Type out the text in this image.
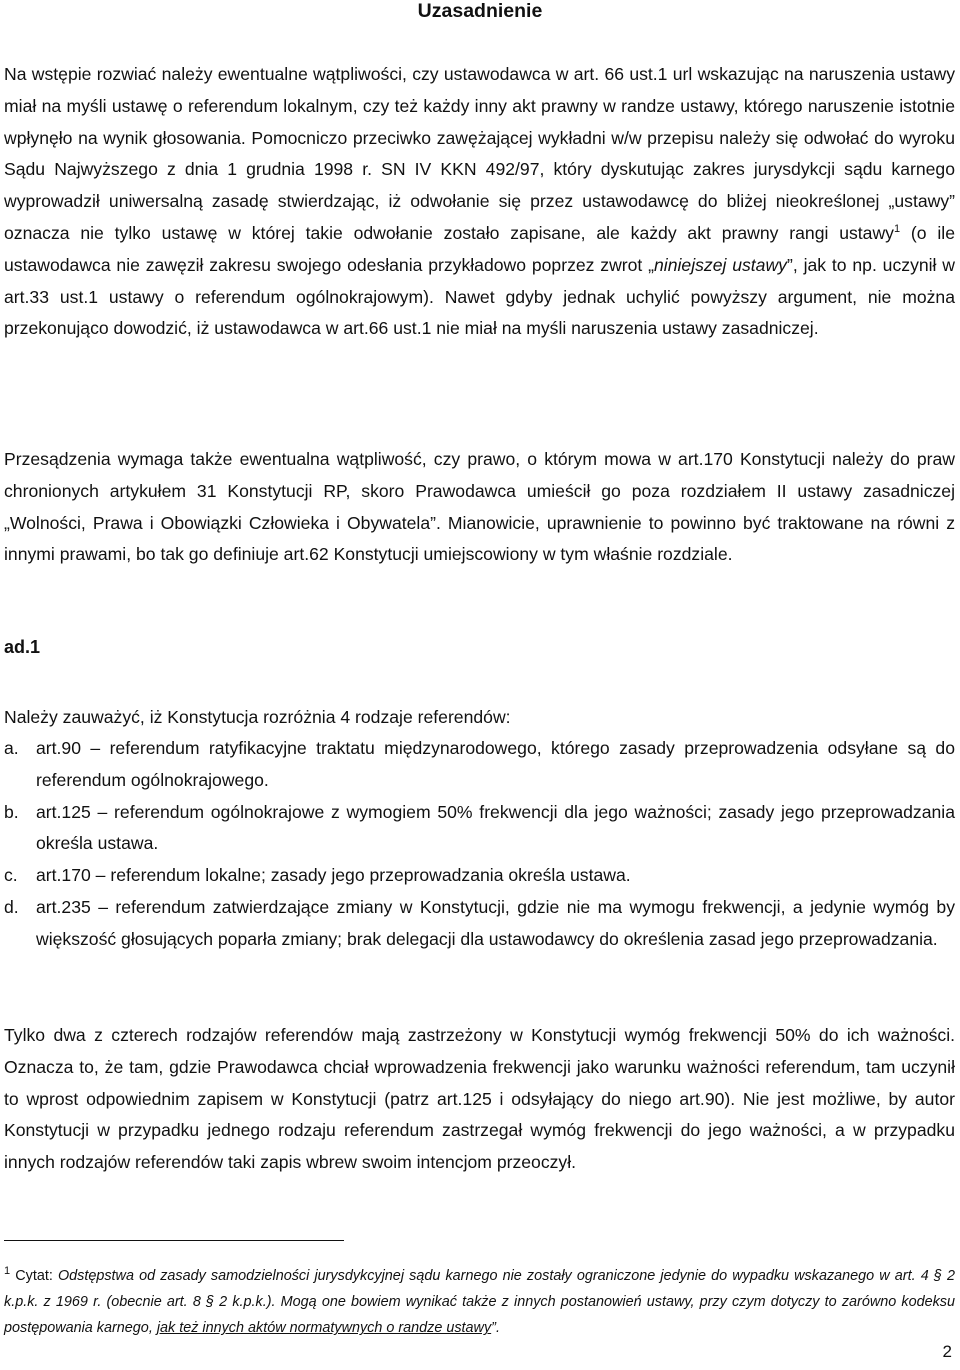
Uzasadnienie

Na wstępie rozwiać należy ewentualne wątpliwości, czy ustawodawca w art. 66 ust.1 url wskazując na naruszenia ustawy miał na myśli ustawę o referendum lokalnym, czy też każdy inny akt prawny w randze ustawy, którego naruszenie istotnie wpłynęło na wynik głosowania. Pomocniczo przeciwko zawężającej wykładni w/w przepisu należy się odwołać do wyroku Sądu Najwyższego z dnia 1 grudnia 1998 r. SN IV KKN 492/97, który dyskutując zakres jurysdykcji sądu karnego wyprowadził uniwersalną zasadę stwierdzając, iż odwołanie się przez ustawodawcę do bliżej nieokreślonej „ustawy” oznacza nie tylko ustawę w której takie odwołanie zostało zapisane, ale każdy akt prawny rangi ustawy$^1$ (o ile ustawodawca nie zawęził zakresu swojego odesłania przykładowo poprzez zwrot „niniejszej ustawy”, jak to np. uczynił w art.33 ust.1 ustawy o referendum ogólnokrajowym). Nawet gdyby jednak uchylić powyższy argument, nie można przekonująco dowodzić, iż ustawodawca w art.66 ust.1 nie miał na myśli naruszenia ustawy zasadniczej.

Przesądzenia wymaga także ewentualna wątpliwość, czy prawo, o którym mowa w art.170 Konstytucji należy do praw chronionych artykułem 31 Konstytucji RP, skoro Prawodawca umieścił go poza rozdziałem II ustawy zasadniczej „Wolności, Prawa i Obowiązki Człowieka i Obywatela”. Mianowicie, uprawnienie to powinno być traktowane na równi z innymi prawami, bo tak go definiuje art.62 Konstytucji umiejscowiony w tym właśnie rozdziale.

ad.1

Należy zauważyć, iż Konstytucja rozróżnia 4 rodzaje referendów:

a. art.90 – referendum ratyfikacyjne traktatu międzynarodowego, którego zasady przeprowadzenia odsyłane są do referendum ogólnokrajowego.
b. art.125 – referendum ogólnokrajowe z wymogiem 50% frekwencji dla jego ważności; zasady jego przeprowadzania określa ustawa.
c.	art.170 – referendum lokalne; zasady jego przeprowadzania określa ustawa.
d. art.235 – referendum zatwierdzające zmiany w Konstytucji, gdzie nie ma wymogu frekwencji, a jedynie wymóg by większość głosujących poparła zmiany; brak delegacji dla ustawodawcy do określenia zasad jego przeprowadzania.

Tylko dwa z czterech rodzajów referendów mają zastrzeżony w Konstytucji wymóg frekwencji 50% do ich ważności. Oznacza to, że tam, gdzie Prawodawca chciał wprowadzenia frekwencji jako warunku ważności referendum, tam uczynił to wprost odpowiednim zapisem w Konstytucji (patrz art.125 i odsyłający do niego art.90). Nie jest możliwe, by autor Konstytucji w przypadku jednego rodzaju referendum zastrzegał wymóg frekwencji do jego ważności, a w przypadku innych rodzajów referendów taki zapis wbrew swoim intencjom przeoczył.

$^1$ Cytat: Odstępstwa od zasady samodzielności jurysdykcyjnej sądu karnego nie zostały ograniczone jedynie do wypadku wskazanego w art. 4 § 2 k.p.k. z 1969 r. (obecnie art. 8 § 2 k.p.k.). Mogą one bowiem wynikać także z innych postanowień ustawy, przy czym dotyczy to zarówno kodeksu postępowania karnego, jak też innych aktów normatywnych o randze ustawy”.

2
